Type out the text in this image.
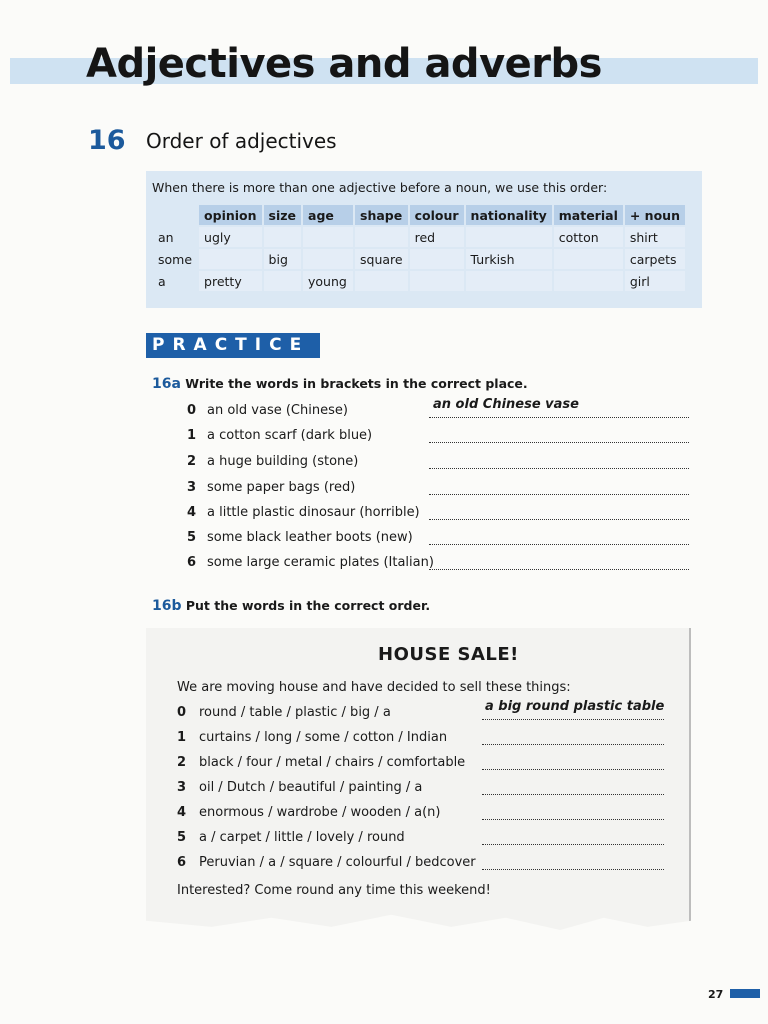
Adjectives and adverbs
16 Order of adjectives
When there is more than one adjective before a noun, we use this order:
	opinion	size	age	shape	colour	nationality	material	+ noun
an	ugly				red		cotton	shirt
some		big		square		Turkish		carpets
a	pretty		young					girl
PRACTICE
16a Write the words in brackets in the correct place.
0 an old vase (Chinese)	an old Chinese vase
1 a cotton scarf (dark blue)
2 a huge building (stone)
3 some paper bags (red)
4 a little plastic dinosaur (horrible)
5 some black leather boots (new)
6 some large ceramic plates (Italian)
16b Put the words in the correct order.
HOUSE SALE!
We are moving house and have decided to sell these things:
0 round / table / plastic / big / a	a big round plastic table
1 curtains / long / some / cotton / Indian
2 black / four / metal / chairs / comfortable
3 oil / Dutch / beautiful / painting / a
4 enormous / wardrobe / wooden / a(n)
5 a / carpet / little / lovely / round
6 Peruvian / a / square / colourful / bedcover
Interested? Come round any time this weekend!
27
